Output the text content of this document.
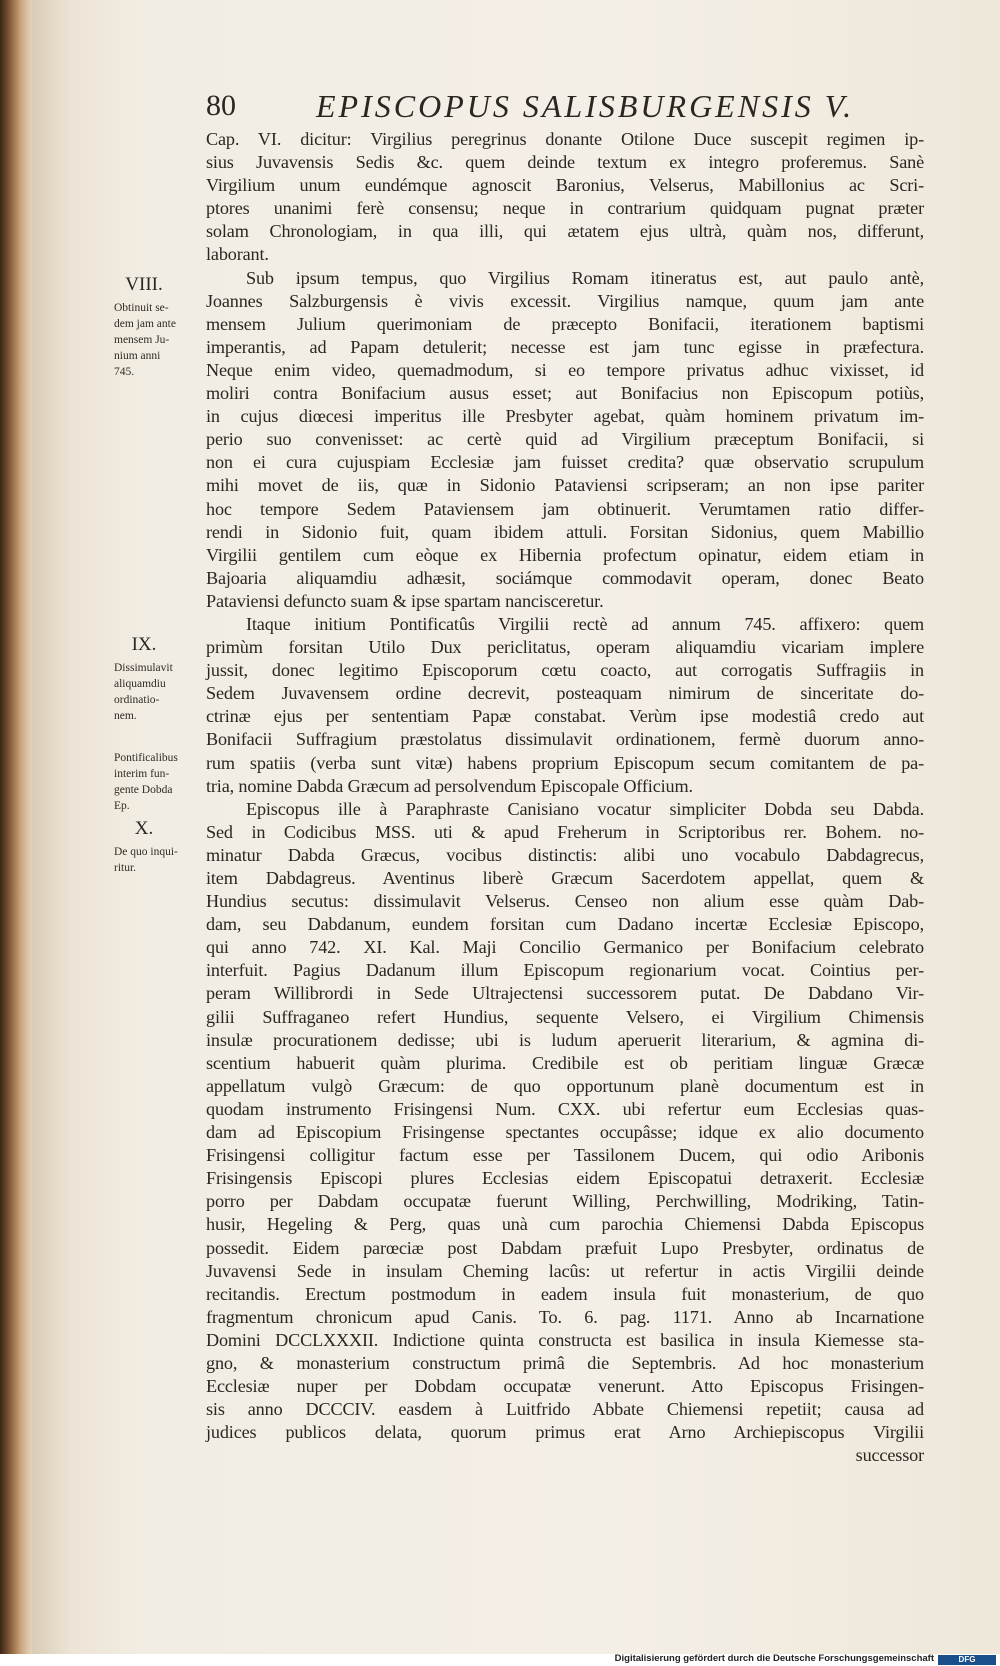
80	EPISCOPUS SALISBURGENSIS V.
VIII.
Obtinuit se-
dem jam ante
mensem Ju-
nium anni
745.
IX.
Dissimulavit
aliquamdiu
ordinatio-
nem.
Pontificalibus
interim fun-
gente Dobda
Ep.
X.
De quo inqui-
ritur.
Cap. VI. dicitur: Virgilius peregrinus donante Otilone Duce suscepit regimen ip-
sius Juvavensis Sedis &c. quem deinde textum ex integro proferemus. Sanè
Virgilium unum eundémque agnoscit Baronius, Velserus, Mabillonius ac Scri-
ptores unanimi ferè consensu; neque in contrarium quidquam pugnat præter
solam Chronologiam, in qua illi, qui ætatem ejus ultrà, quàm nos, differunt,
laborant.
Sub ipsum tempus, quo Virgilius Romam itineratus est, aut paulo antè,
Joannes Salzburgensis è vivis excessit. Virgilius namque, quum jam ante
mensem Julium querimoniam de præcepto Bonifacii, iterationem baptismi
imperantis, ad Papam detulerit; necesse est jam tunc egisse in præfectura.
Neque enim video, quemadmodum, si eo tempore privatus adhuc vixisset, id
moliri contra Bonifacium ausus esset; aut Bonifacius non Episcopum potiùs,
in cujus diœcesi imperitus ille Presbyter agebat, quàm hominem privatum im-
perio suo convenisset: ac certè quid ad Virgilium præceptum Bonifacii, si
non ei cura cujuspiam Ecclesiæ jam fuisset credita? quæ observatio scrupulum
mihi movet de iis, quæ in Sidonio Pataviensi scripseram; an non ipse pariter
hoc tempore Sedem Pataviensem jam obtinuerit. Verumtamen ratio differ-
rendi in Sidonio fuit, quam ibidem attuli. Forsitan Sidonius, quem Mabillio
Virgilii gentilem cum eòque ex Hibernia profectum opinatur, eidem etiam in
Bajoaria aliquamdiu adhæsit, sociámque commodavit operam, donec Beato
Pataviensi defuncto suam & ipse spartam nancisceretur.
Itaque initium Pontificatûs Virgilii rectè ad annum 745. affixero: quem
primùm forsitan Utilo Dux periclitatus, operam aliquamdiu vicariam implere
jussit, donec legitimo Episcoporum cœtu coacto, aut corrogatis Suffragiis in
Sedem Juvavensem ordine decrevit, posteaquam nimirum de sinceritate do-
ctrinæ ejus per sententiam Papæ constabat. Verùm ipse modestiâ credo aut
Bonifacii Suffragium præstolatus dissimulavit ordinationem, fermè duorum anno-
rum spatiis (verba sunt vitæ) habens proprium Episcopum secum comitantem de pa-
tria, nomine Dabda Græcum ad persolvendum Episcopale Officium.
Episcopus ille à Paraphraste Canisiano vocatur simpliciter Dobda seu Dabda.
Sed in Codicibus MSS. uti & apud Freherum in Scriptoribus rer. Bohem. no-
minatur Dabda Græcus, vocibus distinctis: alibi uno vocabulo Dabdagrecus,
item Dabdagreus. Aventinus liberè Græcum Sacerdotem appellat, quem &
Hundius secutus: dissimulavit Velserus. Censeo non alium esse quàm Dab-
dam, seu Dabdanum, eundem forsitan cum Dadano incertæ Ecclesiæ Episcopo,
qui anno 742. XI. Kal. Maji Concilio Germanico per Bonifacium celebrato
interfuit. Pagius Dadanum illum Episcopum regionarium vocat. Cointius per-
peram Willibrordi in Sede Ultrajectensi successorem putat. De Dabdano Vir-
gilii Suffraganeo refert Hundius, sequente Velsero, ei Virgilium Chimensis
insulæ procurationem dedisse; ubi is ludum aperuerit literarium, & agmina di-
scentium habuerit quàm plurima. Credibile est ob peritiam linguæ Græcæ
appellatum vulgò Græcum: de quo opportunum planè documentum est in
quodam instrumento Frisingensi Num. CXX. ubi refertur eum Ecclesias quas-
dam ad Episcopium Frisingense spectantes occupâsse; idque ex alio documento
Frisingensi colligitur factum esse per Tassilonem Ducem, qui odio Aribonis
Frisingensis Episcopi plures Ecclesias eidem Episcopatui detraxerit. Ecclesiæ
porro per Dabdam occupatæ fuerunt Willing, Perchwilling, Modriking, Tatin-
husir, Hegeling & Perg, quas unà cum parochia Chiemensi Dabda Episcopus
possedit. Eidem parœciæ post Dabdam præfuit Lupo Presbyter, ordinatus de
Juvavensi Sede in insulam Cheming lacûs: ut refertur in actis Virgilii deinde
recitandis. Erectum postmodum in eadem insula fuit monasterium, de quo
fragmentum chronicum apud Canis. To. 6. pag. 1171. Anno ab Incarnatione
Domini DCCLXXXII. Indictione quinta constructa est basilica in insula Kiemesse sta-
gno, & monasterium constructum primâ die Septembris. Ad hoc monasterium
Ecclesiæ nuper per Dobdam occupatæ venerunt. Atto Episcopus Frisingen-
sis anno DCCCIV. easdem à Luitfrido Abbate Chiemensi repetiit; causa ad
judices publicos delata, quorum primus erat Arno Archiepiscopus Virgilii
successor
Digitalisierung gefördert durch die Deutsche Forschungsgemeinschaft	DFG
